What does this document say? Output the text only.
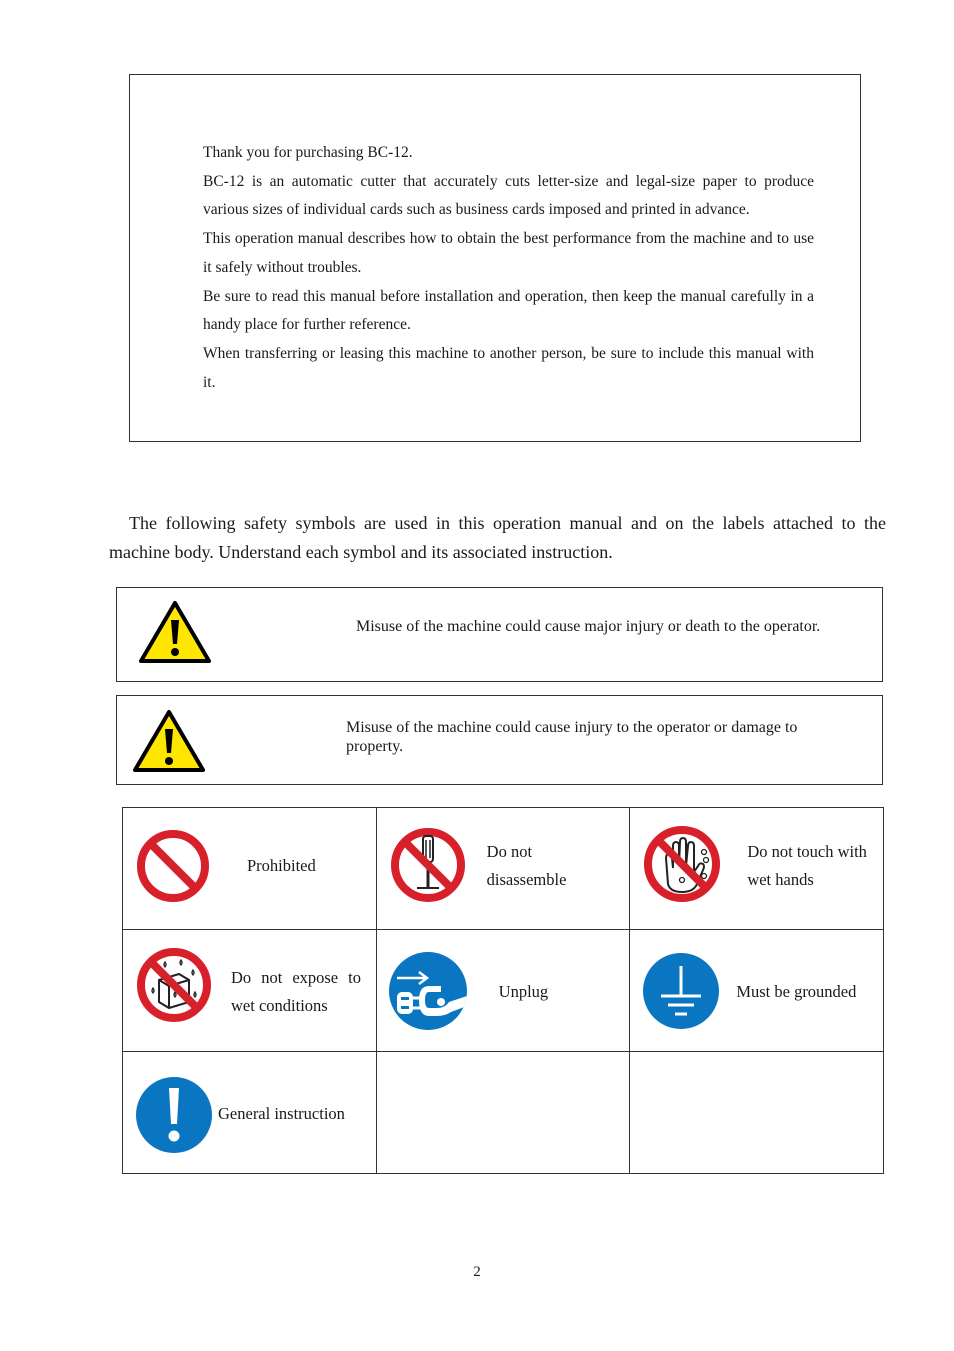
Thank you for purchasing BC-12.

BC-12 is an automatic cutter that accurately cuts letter-size and legal-size paper to produce various sizes of individual cards such as business cards imposed and printed in advance.

This operation manual describes how to obtain the best performance from the machine and to use it safely without troubles.

Be sure to read this manual before installation and operation, then keep the manual carefully in a handy place for further reference.

When transferring or leasing this machine to another person, be sure to include this manual with it.

The following safety symbols are used in this operation manual and on the labels attached to the machine body. Understand each symbol and its associated instruction.

Misuse of the machine could cause major injury or death to the operator.
Misuse of the machine could cause injury to the operator or damage to property.
Prohibited	Do not disassemble	Do not touch with wet hands

Do not expose to wet conditions	Unplug	Must be grounded

General instruction		

2
